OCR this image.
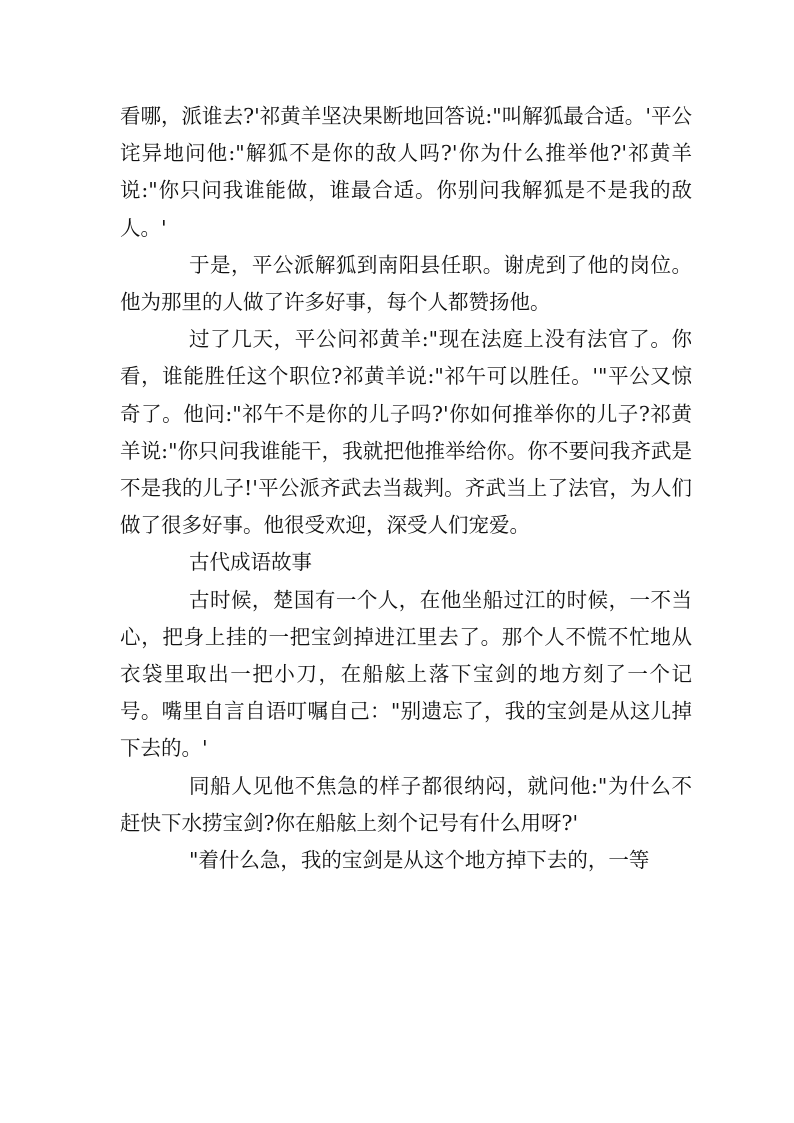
看哪，派谁去?'祁黄羊坚决果断地回答说:"叫解狐最合适。'平公诧异地问他:"解狐不是你的敌人吗?'你为什么推举他?'祁黄羊说:"你只问我谁能做，谁最合适。你别问我解狐是不是我的敌人。'

于是，平公派解狐到南阳县任职。谢虎到了他的岗位。他为那里的人做了许多好事，每个人都赞扬他。

过了几天，平公问祁黄羊:"现在法庭上没有法官了。你看，谁能胜任这个职位?祁黄羊说:"祁午可以胜任。'"平公又惊奇了。他问:"祁午不是你的儿子吗?'你如何推举你的儿子?祁黄羊说:"你只问我谁能干，我就把他推举给你。你不要问我齐武是不是我的儿子!'平公派齐武去当裁判。齐武当上了法官，为人们做了很多好事。他很受欢迎，深受人们宠爱。

古代成语故事

古时候，楚国有一个人，在他坐船过江的时候，一不当心，把身上挂的一把宝剑掉进江里去了。那个人不慌不忙地从衣袋里取出一把小刀，在船舷上落下宝剑的地方刻了一个记号。嘴里自言自语叮嘱自己："别遗忘了，我的宝剑是从这儿掉下去的。'

同船人见他不焦急的样子都很纳闷，就问他:"为什么不赶快下水捞宝剑?你在船舷上刻个记号有什么用呀?'

"着什么急，我的宝剑是从这个地方掉下去的，一等
